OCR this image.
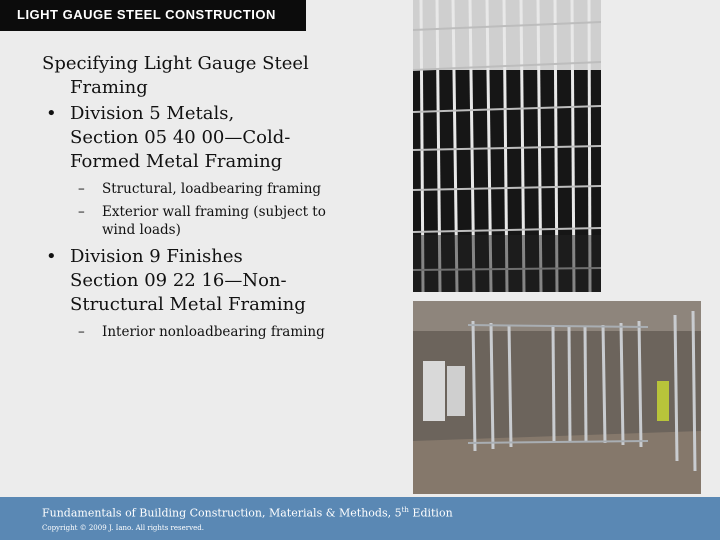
LIGHT GAUGE STEEL CONSTRUCTION
Specifying Light Gauge Steel
Framing
• Division 5 Metals,
Section 05 40 00—Cold-
Formed Metal Framing
– Structural, loadbearing framing
– Exterior wall framing (subject to
wind loads)
• Division 9 Finishes
Section 09 22 16—Non-
Structural Metal Framing
– Interior nonloadbearing framing
Fundamentals of Building Construction, Materials & Methods, 5th Edition
Copyright © 2009 J. Iano. All rights reserved.
